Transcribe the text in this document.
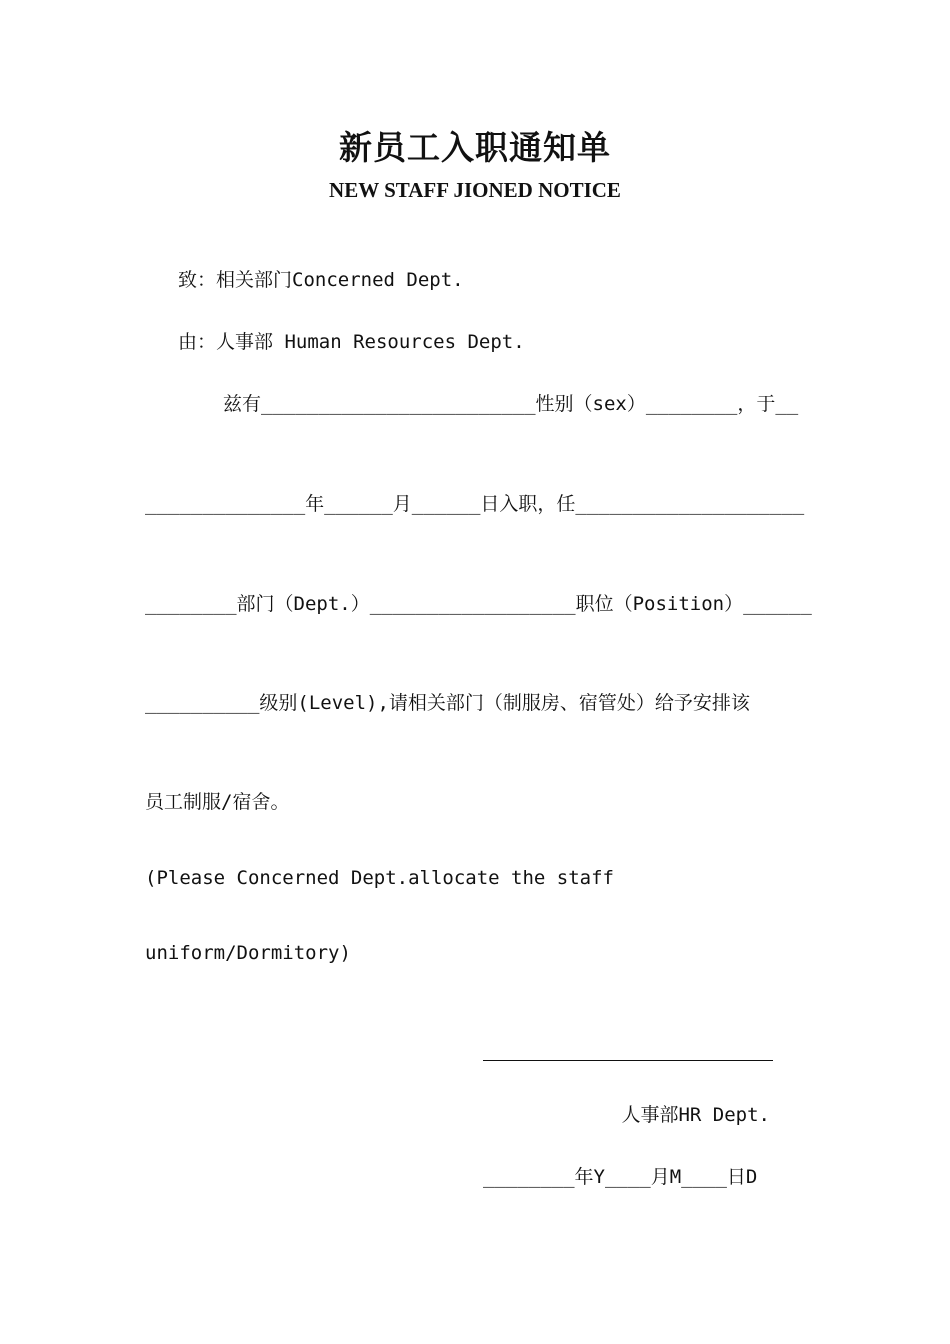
新员工入职通知单
NEW STAFF JIONED NOTICE
致：相关部门Concerned Dept.
由：人事部 Human Resources Dept.
兹有________________________性别（sex）________，于__
______________年______月______日入职，任____________________
________部门（Dept.）__________________职位（Position）______
__________级别(Level),请相关部门（制服房、宿管处）给予安排该
员工制服/宿舍。
(Please Concerned Dept.allocate the staff
uniform/Dormitory)
人事部HR Dept.
________年Y____月M____日D
